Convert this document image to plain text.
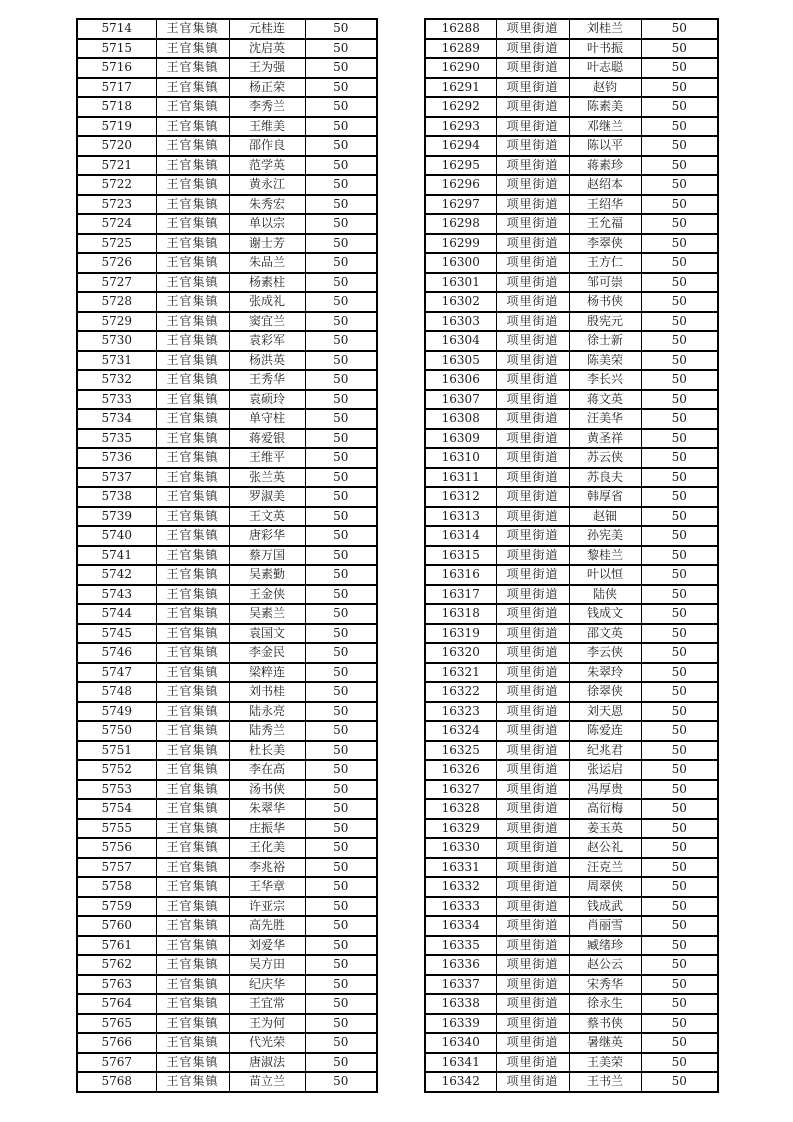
5714	王官集镇	元桂连	50
5715	王官集镇	沈启英	50
5716	王官集镇	王为强	50
5717	王官集镇	杨正荣	50
5718	王官集镇	李秀兰	50
5719	王官集镇	王维美	50
5720	王官集镇	邵作良	50
5721	王官集镇	范学英	50
5722	王官集镇	黄永江	50
5723	王官集镇	朱秀宏	50
5724	王官集镇	单以宗	50
5725	王官集镇	谢士芳	50
5726	王官集镇	朱品兰	50
5727	王官集镇	杨素柱	50
5728	王官集镇	张成礼	50
5729	王官集镇	窦宜兰	50
5730	王官集镇	袁彩军	50
5731	王官集镇	杨洪英	50
5732	王官集镇	王秀华	50
5733	王官集镇	袁硕玲	50
5734	王官集镇	单守柱	50
5735	王官集镇	蒋爱银	50
5736	王官集镇	王维平	50
5737	王官集镇	张兰英	50
5738	王官集镇	罗淑美	50
5739	王官集镇	王文英	50
5740	王官集镇	唐彩华	50
5741	王官集镇	蔡万国	50
5742	王官集镇	吴素勤	50
5743	王官集镇	王金侠	50
5744	王官集镇	吴素兰	50
5745	王官集镇	袁国文	50
5746	王官集镇	李金民	50
5747	王官集镇	梁粹连	50
5748	王官集镇	刘书桂	50
5749	王官集镇	陆永亮	50
5750	王官集镇	陆秀兰	50
5751	王官集镇	杜长美	50
5752	王官集镇	李在高	50
5753	王官集镇	汤书侠	50
5754	王官集镇	朱翠华	50
5755	王官集镇	庄振华	50
5756	王官集镇	王化美	50
5757	王官集镇	李兆裕	50
5758	王官集镇	王华章	50
5759	王官集镇	许亚宗	50
5760	王官集镇	高先胜	50
5761	王官集镇	刘爱华	50
5762	王官集镇	吴方田	50
5763	王官集镇	纪庆华	50
5764	王官集镇	王宜常	50
5765	王官集镇	王为何	50
5766	王官集镇	代光荣	50
5767	王官集镇	唐淑法	50
5768	王官集镇	苗立兰	50
16288	项里街道	刘桂兰	50
16289	项里街道	叶书振	50
16290	项里街道	叶志聪	50
16291	项里街道	赵钧	50
16292	项里街道	陈素美	50
16293	项里街道	邓继兰	50
16294	项里街道	陈以平	50
16295	项里街道	蒋素珍	50
16296	项里街道	赵绍本	50
16297	项里街道	王绍华	50
16298	项里街道	王允福	50
16299	项里街道	李翠侠	50
16300	项里街道	王方仁	50
16301	项里街道	邹可崇	50
16302	项里街道	杨书侠	50
16303	项里街道	殷宪元	50
16304	项里街道	徐士新	50
16305	项里街道	陈美荣	50
16306	项里街道	李长兴	50
16307	项里街道	蒋文英	50
16308	项里街道	汪美华	50
16309	项里街道	黄圣祥	50
16310	项里街道	苏云侠	50
16311	项里街道	苏良夫	50
16312	项里街道	韩厚省	50
16313	项里街道	赵钿	50
16314	项里街道	孙宪美	50
16315	项里街道	黎桂兰	50
16316	项里街道	叶以恒	50
16317	项里街道	陆侠	50
16318	项里街道	钱成文	50
16319	项里街道	邵文英	50
16320	项里街道	李云侠	50
16321	项里街道	朱翠玲	50
16322	项里街道	徐翠侠	50
16323	项里街道	刘天恩	50
16324	项里街道	陈爱连	50
16325	项里街道	纪兆君	50
16326	项里街道	张运启	50
16327	项里街道	冯厚贵	50
16328	项里街道	高衍梅	50
16329	项里街道	姜玉英	50
16330	项里街道	赵公礼	50
16331	项里街道	汪克兰	50
16332	项里街道	周翠侠	50
16333	项里街道	钱成武	50
16334	项里街道	肖丽雪	50
16335	项里街道	臧绪珍	50
16336	项里街道	赵公云	50
16337	项里街道	宋秀华	50
16338	项里街道	徐永生	50
16339	项里街道	蔡书侠	50
16340	项里街道	暑继英	50
16341	项里街道	王美荣	50
16342	项里街道	王书兰	50
